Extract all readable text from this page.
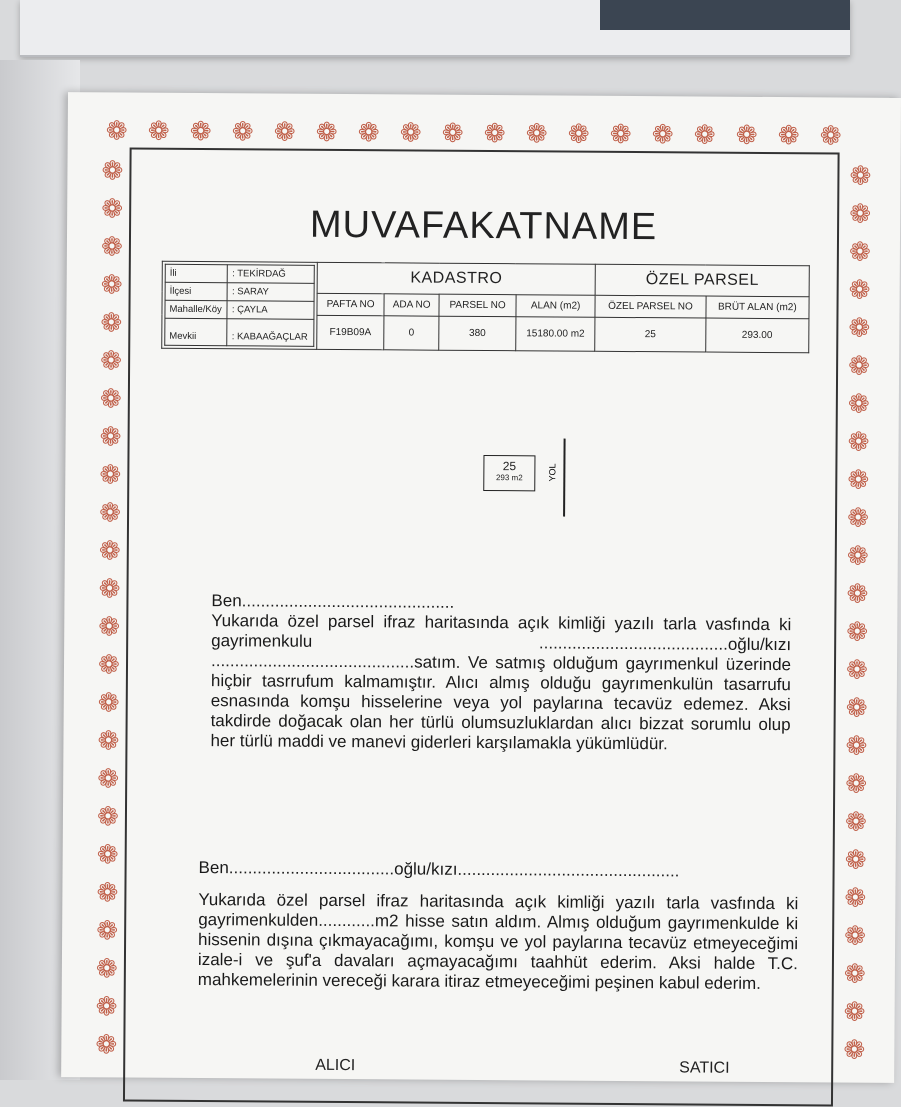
❁ ❁ ❁ ❁ ❁ ❁ ❁ ❁ ❁ ❁ ❁ ❁ ❁ ❁ ❁ ❁ ❁ ❁
❁
❁
❁
❁
❁
❁
❁
❁
❁
❁
❁
❁
❁
❁
❁
❁
❁
❁
❁
❁
❁
❁
❁
❁
❁
❁
❁
❁
❁
❁
❁
❁
❁
❁
❁
❁
❁
❁
❁
❁
❁
❁
❁
❁
❁
❁
❁
❁
MUVAFAKATNAME
İli	: TEKİRDAĞ
İlçesi	: SARAY
Mahalle/Köy	: ÇAYLA
Mevkii	: KABAAĞAÇLAR
	KADASTRO	ÖZEL PARSEL
PAFTA NO	ADA NO	PARSEL NO	ALAN (m2)	ÖZEL PARSEL NO	BRÜT ALAN (m2)
F19B09A	0	380	15180.00 m2	25	293.00
25
293 m2	YOL
Ben.............................................
Yukarıda özel parsel ifraz haritasında açık kimliği yazılı tarla vasfında ki gayrimenkulu ........................................oğlu/kızı ...........................................satım. Ve satmış olduğum gayrımenkul üzerinde hiçbir tasrrufum kalmamıştır. Alıcı almış olduğu gayrımenkulün tasarrufu esnasında komşu hisselerine veya yol paylarına tecavüz edemez. Aksi takdirde doğacak olan her türlü olumsuzluklardan alıcı bizzat sorumlu olup her türlü maddi ve manevi giderleri karşılamakla yükümlüdür.
Ben...................................oğlu/kızı...............................................
Yukarıda özel parsel ifraz haritasında açık kimliği yazılı tarla vasfında ki gayrimenkulden............m2 hisse satın aldım. Almış olduğum gayrımenkulde ki hissenin dışına çıkmayacağımı, komşu ve yol paylarına tecavüz etmeyeceğimi izale-i ve şuf'a davaları açmayacağımı taahhüt ederim. Aksi halde T.C. mahkemelerinin vereceği karara itiraz etmeyeceğimi peşinen kabul ederim.
ALICI	SATICI
